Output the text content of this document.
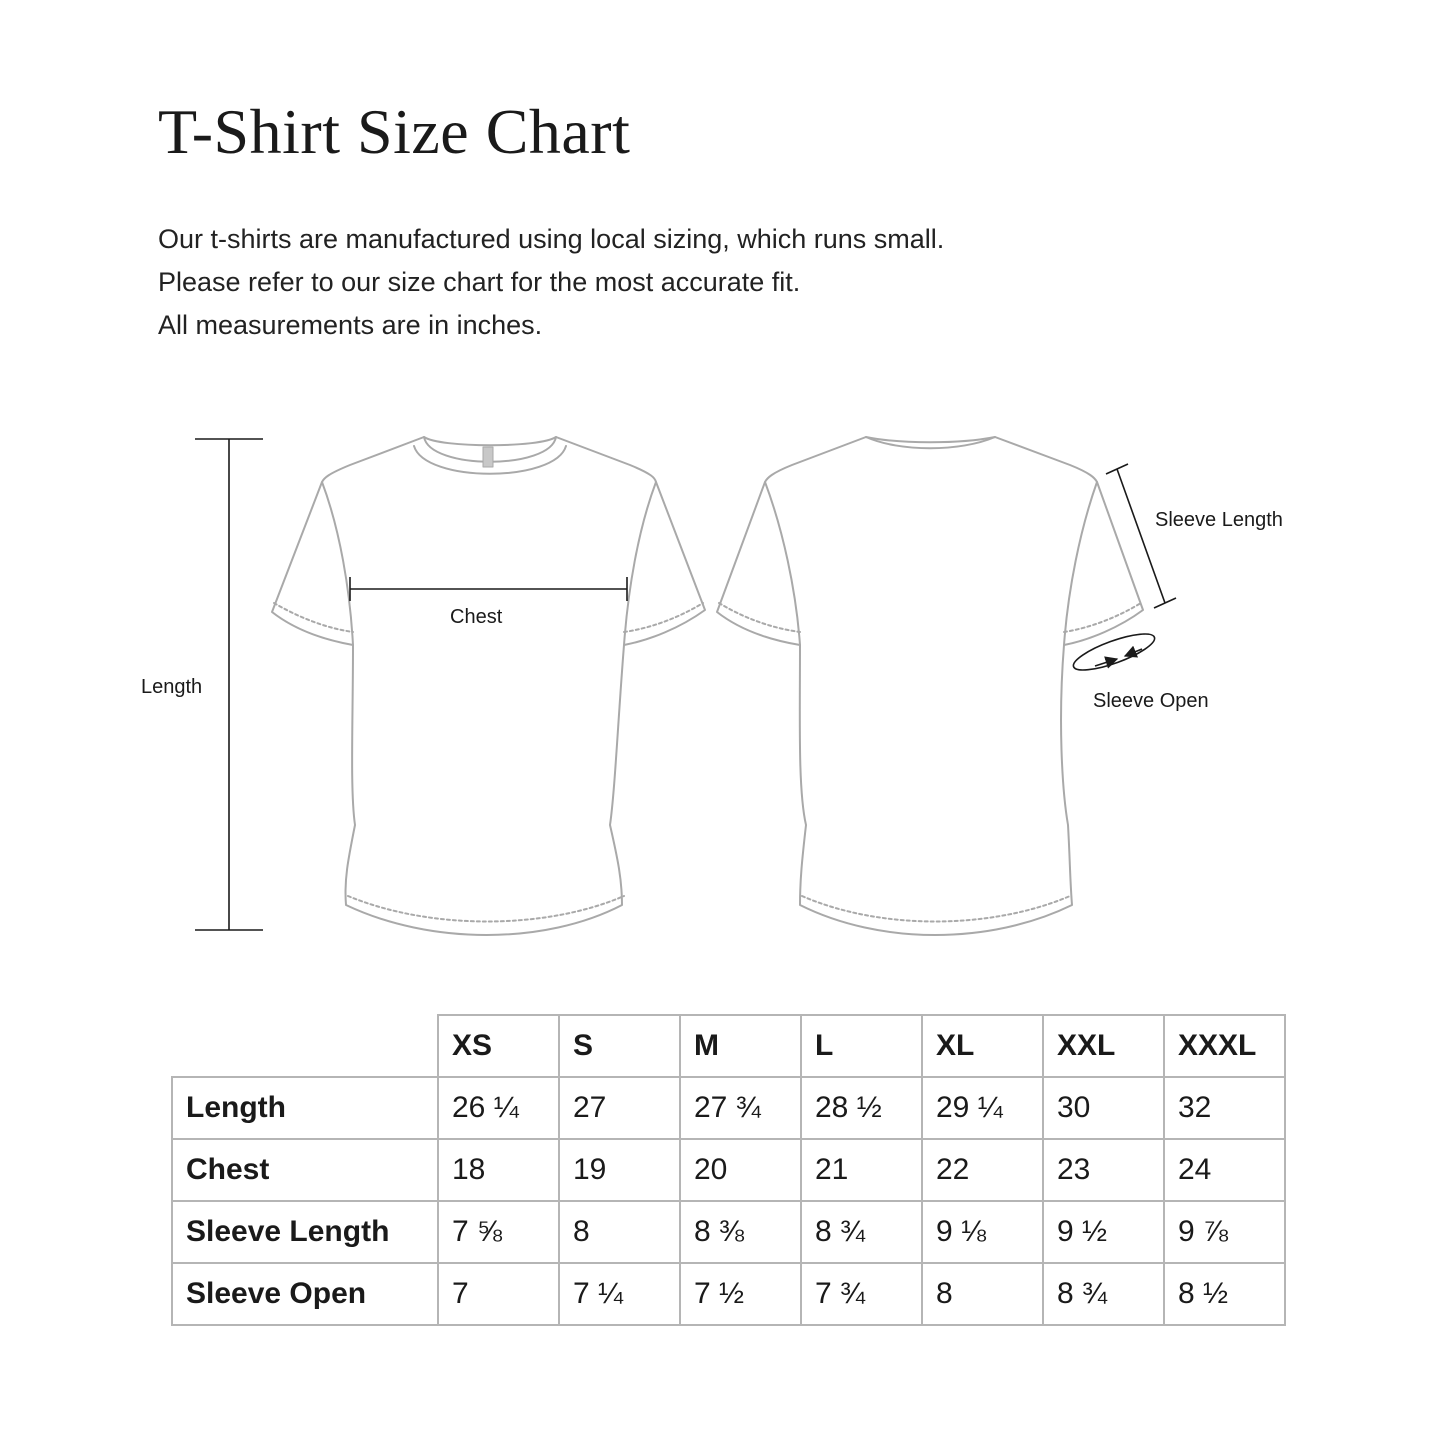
T-Shirt Size Chart

Our t-shirts are manufactured using local sizing, which runs small.
Please refer to our size chart for the most accurate fit.
All measurements are in inches.

Length
Chest
Sleeve Length
Sleeve Open
	XS	S	M	L	XL	XXL	XXXL
Length	26 ¼	27	27 ¾	28 ½	29 ¼	30	32
Chest	18	19	20	21	22	23	24
Sleeve Length	7 ⅝	8	8 ⅜	8 ¾	9 ⅛	9 ½	9 ⅞
Sleeve Open	7	7 ¼	7 ½	7 ¾	8	8 ¾	8 ½
